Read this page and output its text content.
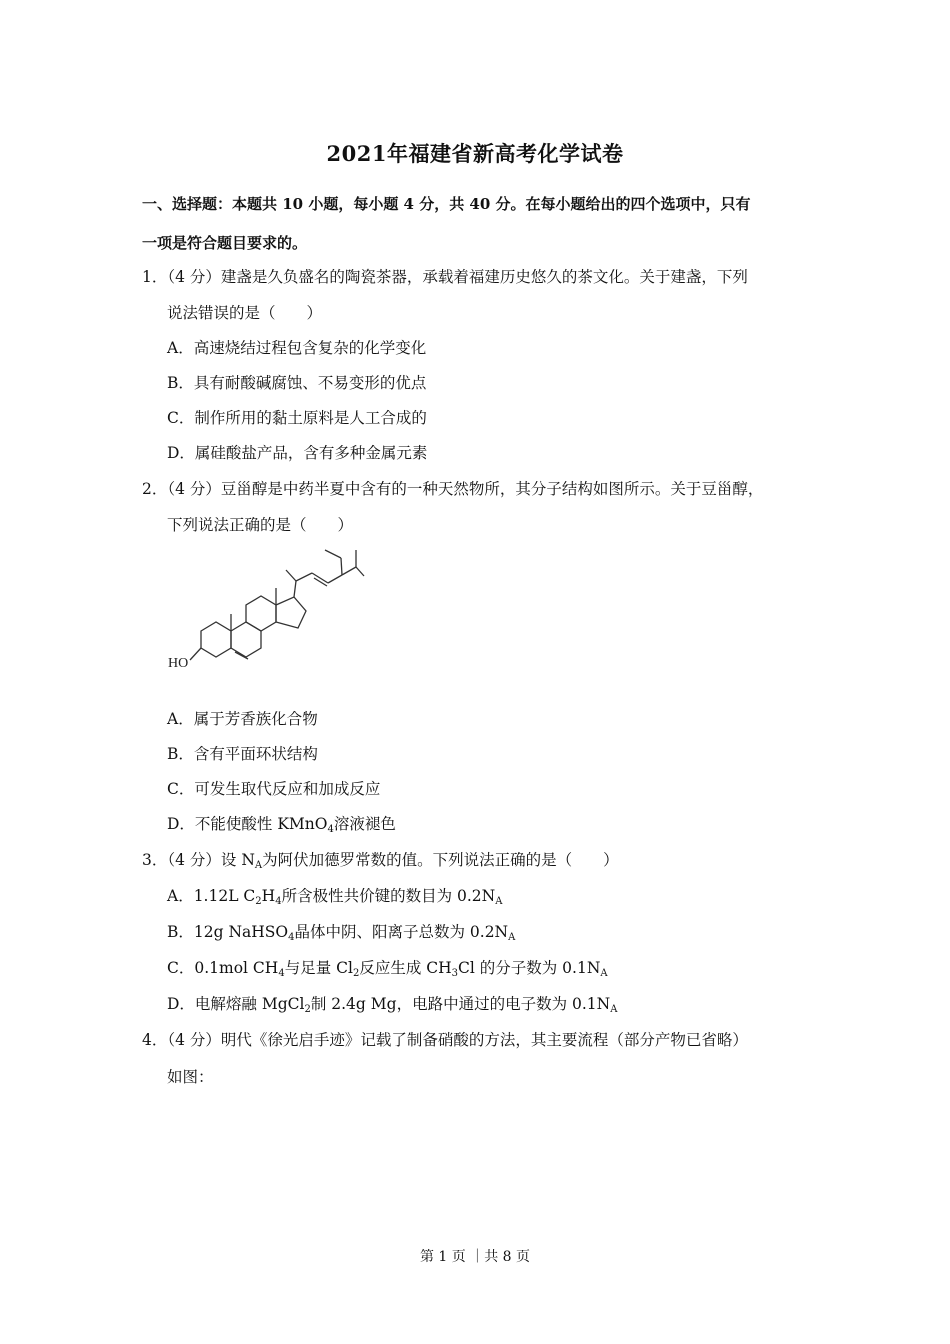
2021年福建省新高考化学试卷
一、选择题：本题共 10 小题，每小题 4 分，共 40 分。在每小题给出的四个选项中，只有
一项是符合题目要求的。
1．（4 分）建盏是久负盛名的陶瓷茶器，承载着福建历史悠久的茶文化。关于建盏，下列
说法错误的是（　　）
A．高速烧结过程包含复杂的化学变化
B．具有耐酸碱腐蚀、不易变形的优点
C．制作所用的黏土原料是人工合成的
D．属硅酸盐产品，含有多种金属元素
2．（4 分）豆甾醇是中药半夏中含有的一种天然物所，其分子结构如图所示。关于豆甾醇，
下列说法正确的是（　　）
HO
A．属于芳香族化合物
B．含有平面环状结构
C．可发生取代反应和加成反应
D．不能使酸性 KMnO$_4$溶液褪色
3．（4 分）设 $N_A$为阿伏加德罗常数的值。下列说法正确的是（　　）
A．1.12L $C_2H_4$所含极性共价键的数目为 $0.2N_A$
B．12g NaHSO$_4$晶体中阴、阳离子总数为 $0.2N_A$
C．0.1mol $CH_4$与足量 $Cl_2$反应生成 $CH_3Cl$ 的分子数为 $0.1N_A$
D．电解熔融 MgCl$_2$制 2.4g Mg，电路中通过的电子数为 $0.1N_A$
4．（4 分）明代《徐光启手迹》记载了制备硝酸的方法，其主要流程（部分产物已省略）
如图：
第 1 页 ｜共 8 页
